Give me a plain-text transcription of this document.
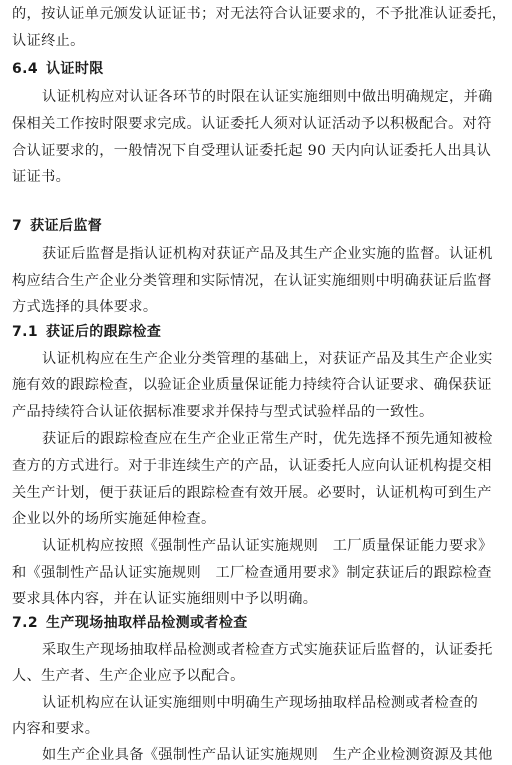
的，按认证单元颁发认证证书；对无法符合认证要求的，不予批准认证委托，
认证终止。
6.4 认证时限
认证机构应对认证各环节的时限在认证实施细则中做出明确规定，并确
保相关工作按时限要求完成。认证委托人须对认证活动予以积极配合。对符
合认证要求的，一般情况下自受理认证委托起 90 天内向认证委托人出具认
证证书。
7 获证后监督
获证后监督是指认证机构对获证产品及其生产企业实施的监督。认证机
构应结合生产企业分类管理和实际情况，在认证实施细则中明确获证后监督
方式选择的具体要求。
7.1 获证后的跟踪检查
认证机构应在生产企业分类管理的基础上，对获证产品及其生产企业实
施有效的跟踪检查，以验证企业质量保证能力持续符合认证要求、确保获证
产品持续符合认证依据标准要求并保持与型式试验样品的一致性。
获证后的跟踪检查应在生产企业正常生产时，优先选择不预先通知被检
查方的方式进行。对于非连续生产的产品，认证委托人应向认证机构提交相
关生产计划，便于获证后的跟踪检查有效开展。必要时，认证机构可到生产
企业以外的场所实施延伸检查。
认证机构应按照《强制性产品认证实施规则　工厂质量保证能力要求》
和《强制性产品认证实施规则　工厂检查通用要求》制定获证后的跟踪检查
要求具体内容，并在认证实施细则中予以明确。
7.2 生产现场抽取样品检测或者检查
采取生产现场抽取样品检测或者检查方式实施获证后监督的，认证委托
人、生产者、生产企业应予以配合。
认证机构应在认证实施细则中明确生产现场抽取样品检测或者检查的
内容和要求。
如生产企业具备《强制性产品认证实施规则　生产企业检测资源及其他
